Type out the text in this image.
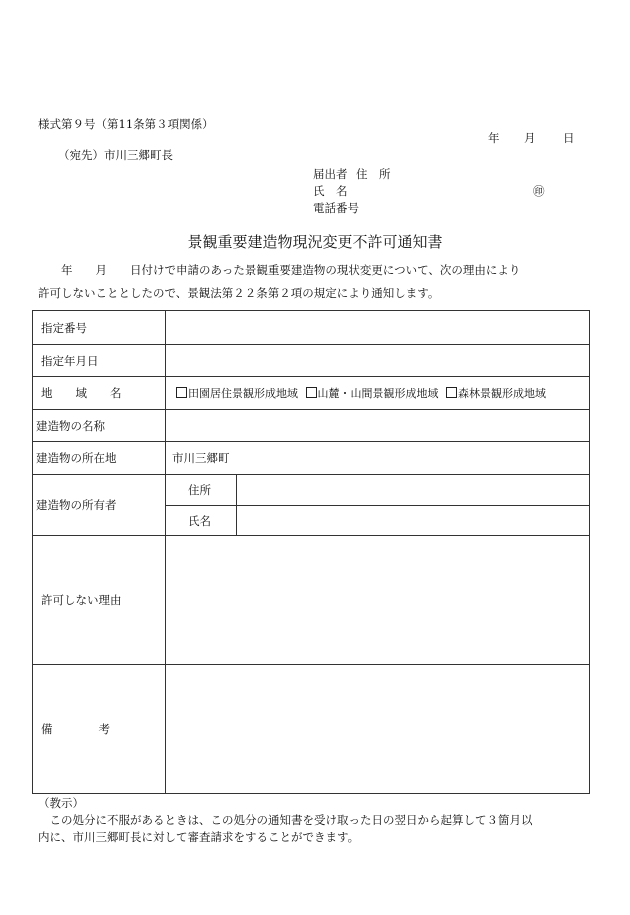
様式第９号（第11条第３項関係）
年 月 日
（宛先）市川三郷町長
届出者 住　所
氏　名	㊞
電話番号
景観重要建造物現況変更不許可通知書
　　年　　月　　日付けで申請のあった景観重要建造物の現状変更について、次の理由により
許可しないこととしたので、景観法第２２条第２項の規定により通知します。
指定番号		
指定年月日		
地　　域　　名	田園居住景観形成地域 山麓・山間景観形成地域 森林景観形成地域	
建造物の名称		
建造物の所在地	市川三郷町	
建造物の所有者	住所	
	氏名	
許可しない理由		
備　　　　考		
（教示）
　この処分に不服があるときは、この処分の通知書を受け取った日の翌日から起算して３箇月以
内に、市川三郷町長に対して審査請求をすることができます。
